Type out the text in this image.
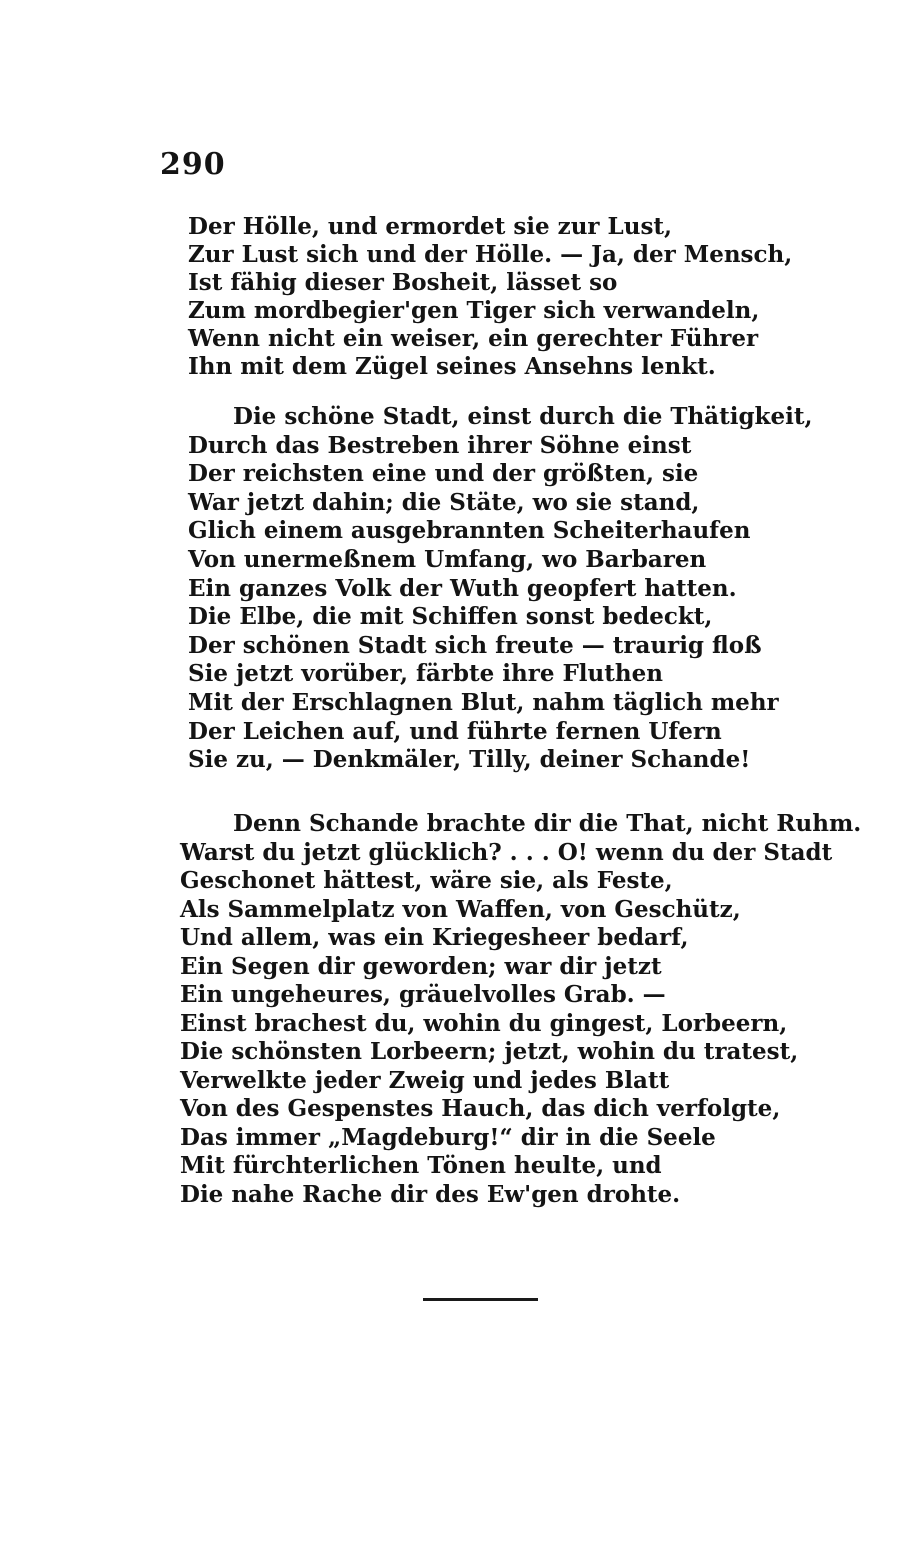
290
Der Hölle, und ermordet sie zur Lust,
Zur Lust sich und der Hölle. — Ja, der Mensch,
Ist fähig dieser Bosheit, lässet so
Zum mordbegier'gen Tiger sich verwandeln,
Wenn nicht ein weiser, ein gerechter Führer
Ihn mit dem Zügel seines Ansehns lenkt.
Die schöne Stadt, einst durch die Thätigkeit,
Durch das Bestreben ihrer Söhne einst
Der reichsten eine und der größten, sie
War jetzt dahin; die Stäte, wo sie stand,
Glich einem ausgebrannten Scheiterhaufen
Von unermeßnem Umfang, wo Barbaren
Ein ganzes Volk der Wuth geopfert hatten.
Die Elbe, die mit Schiffen sonst bedeckt,
Der schönen Stadt sich freute — traurig floß
Sie jetzt vorüber, färbte ihre Fluthen
Mit der Erschlagnen Blut, nahm täglich mehr
Der Leichen auf, und führte fernen Ufern
Sie zu, — Denkmäler, Tilly, deiner Schande!
Denn Schande brachte dir die That, nicht Ruhm.
Warst du jetzt glücklich? . . . O! wenn du der Stadt
Geschonet hättest, wäre sie, als Feste,
Als Sammelplatz von Waffen, von Geschütz,
Und allem, was ein Kriegesheer bedarf,
Ein Segen dir geworden; war dir jetzt
Ein ungeheures, gräuelvolles Grab. —
Einst brachest du, wohin du gingest, Lorbeern,
Die schönsten Lorbeern; jetzt, wohin du tratest,
Verwelkte jeder Zweig und jedes Blatt
Von des Gespenstes Hauch, das dich verfolgte,
Das immer „Magdeburg!“ dir in die Seele
Mit fürchterlichen Tönen heulte, und
Die nahe Rache dir des Ew'gen drohte.
